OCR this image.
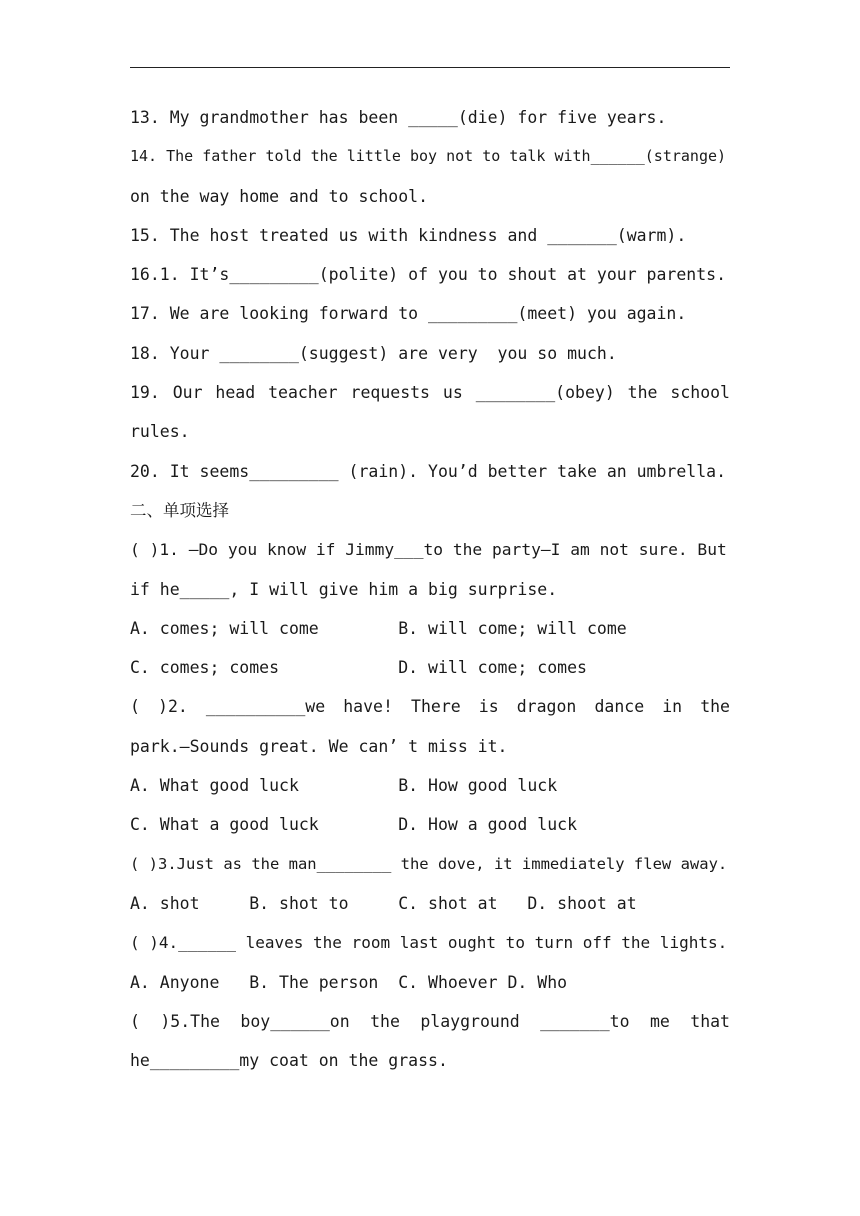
13. My grandmother has been _____(die) for five years.
14. The father told the little boy not to talk with______(strange)
on the way home and to school.
15. The host treated us with kindness and _______(warm).
16.1. It’s_________(polite) of you to shout at your parents.
17. We are looking forward to _________(meet) you again.
18. Your ________(suggest) are very  you so much.
19. Our head teacher requests us ________(obey) the school
rules.
20. It seems_________ (rain). You’d better take an umbrella.
二、单项选择
( )1. —Do you know if Jimmy___to the party—I am not sure. But
if he_____, I will give him a big surprise.
A. comes; will come        B. will come; will come
C. comes; comes            D. will come; comes
( )2. __________we have! There is dragon dance in the
park.—Sounds great. We can’ t miss it.
A. What good luck          B. How good luck
C. What a good luck        D. How a good luck
( )3.Just as the man________ the dove, it immediately flew away.
A. shot     B. shot to     C. shot at   D. shoot at
( )4.______ leaves the room last ought to turn off the lights.
A. Anyone   B. The person  C. Whoever D. Who
( )5.The boy______on the playground _______to me that
he_________my coat on the grass.
